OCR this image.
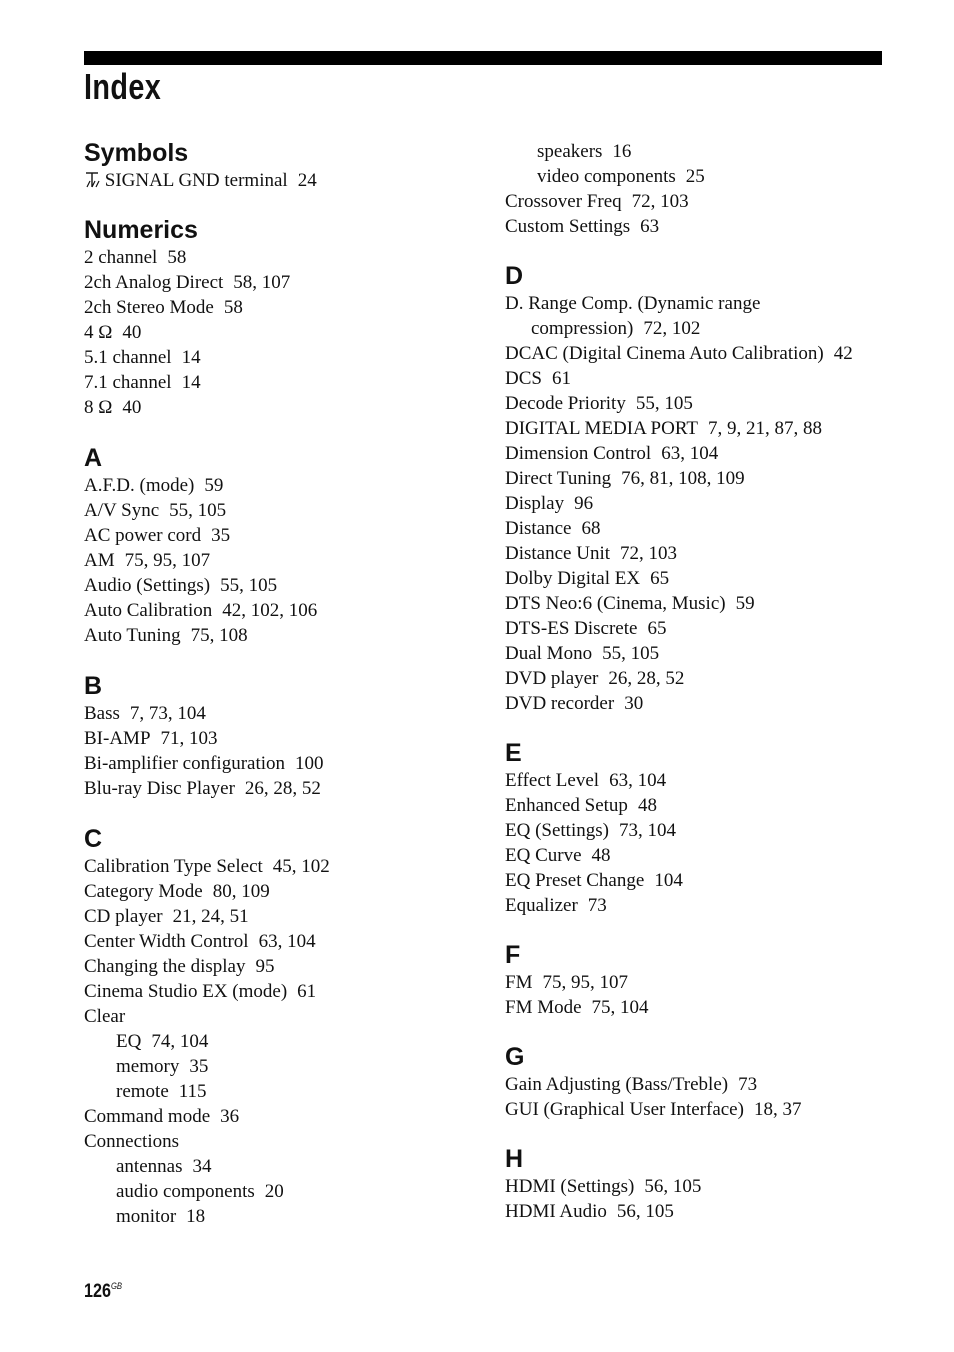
Index
Symbols
SIGNAL GND terminal 24
Numerics
2 channel 58
2ch Analog Direct 58, 107
2ch Stereo Mode 58
4 Ω 40
5.1 channel 14
7.1 channel 14
8 Ω 40
A
A.F.D. (mode) 59
A/V Sync 55, 105
AC power cord 35
AM 75, 95, 107
Audio (Settings) 55, 105
Auto Calibration 42, 102, 106
Auto Tuning 75, 108
B
Bass 7, 73, 104
BI-AMP 71, 103
Bi-amplifier configuration 100
Blu-ray Disc Player 26, 28, 52
C
Calibration Type Select 45, 102
Category Mode 80, 109
CD player 21, 24, 51
Center Width Control 63, 104
Changing the display 95
Cinema Studio EX (mode) 61
Clear
EQ 74, 104
memory 35
remote 115
Command mode 36
Connections
antennas 34
audio components 20
monitor 18
speakers 16
video components 25
Crossover Freq 72, 103
Custom Settings 63
D
D. Range Comp. (Dynamic range
compression) 72, 102
DCAC (Digital Cinema Auto Calibration) 42
DCS 61
Decode Priority 55, 105
DIGITAL MEDIA PORT 7, 9, 21, 87, 88
Dimension Control 63, 104
Direct Tuning 76, 81, 108, 109
Display 96
Distance 68
Distance Unit 72, 103
Dolby Digital EX 65
DTS Neo:6 (Cinema, Music) 59
DTS-ES Discrete 65
Dual Mono 55, 105
DVD player 26, 28, 52
DVD recorder 30
E
Effect Level 63, 104
Enhanced Setup 48
EQ (Settings) 73, 104
EQ Curve 48
EQ Preset Change 104
Equalizer 73
F
FM 75, 95, 107
FM Mode 75, 104
G
Gain Adjusting (Bass/Treble) 73
GUI (Graphical User Interface) 18, 37
H
HDMI (Settings) 56, 105
HDMI Audio 56, 105
$126^{GB}$
